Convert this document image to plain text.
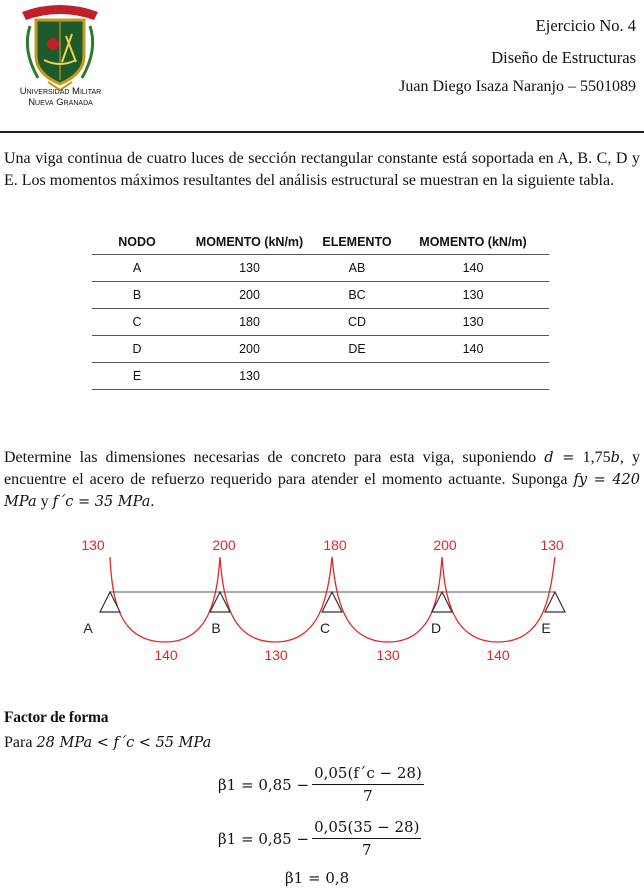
Universidad Militar
Nueva Granada
Ejercicio No. 4
Diseño de Estructuras
Juan Diego Isaza Naranjo – 5501089
Una viga continua de cuatro luces de sección rectangular constante está soportada en A, B. C, D y E. Los momentos máximos resultantes del análisis estructural se muestran en la siguiente tabla.
NODO	MOMENTO (kN/m)	ELEMENTO	MOMENTO (kN/m)
A	130	AB	140
B	200	BC	130
C	180	CD	130
D	200	DE	140
E	130		
Determine las dimensiones necesarias de concreto para esta viga, suponiendo d = 1,75b, y encuentre el acero de refuerzo requerido para atender el momento actuante. Suponga fy = 420 MPa y f´c = 35 MPa.
130	200	180	200	130
140	130	130	140
A	B	C	D	E
Factor de forma
Para 28 MPa < f´c < 55 MPa
$\beta 1 = 0,85 - \frac{0,05(f´c - 28)}{7}$
$\beta 1 = 0,85 - \frac{0,05(35 - 28)}{7}$
β1 = 0,8
